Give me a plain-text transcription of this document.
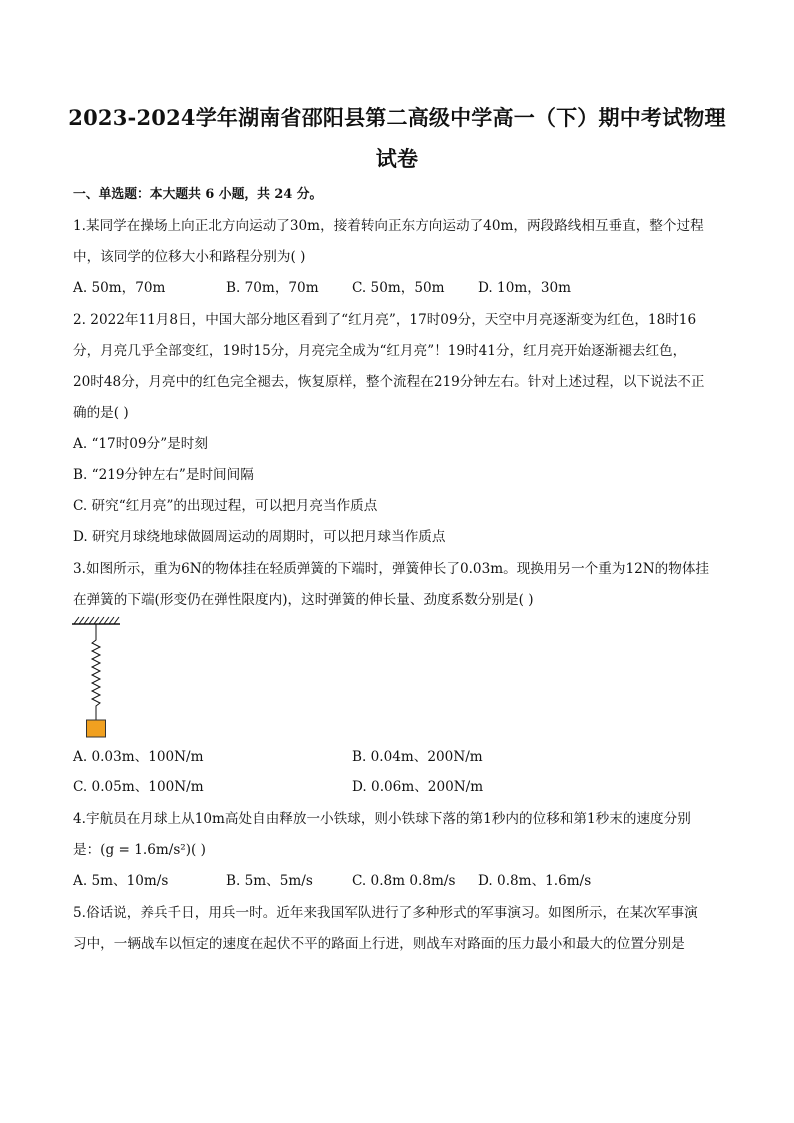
2023-2024学年湖南省邵阳县第二高级中学高一（下）期中考试物理
试卷
一、单选题：本大题共 6 小题，共 24 分。
1.某同学在操场上向正北方向运动了30m，接着转向正东方向运动了40m，两段路线相互垂直，整个过程
中，该同学的位移大小和路程分别为( )
A. 50m，70m	B. 70m，70m C. 50m，50m D. 10m，30m
2. 2022年11月8日，中国大部分地区看到了“红月亮”，17时09分，天空中月亮逐渐变为红色，18时16
分，月亮几乎全部变红，19时15分，月亮完全成为“红月亮”！19时41分，红月亮开始逐渐褪去红色，
20时48分，月亮中的红色完全褪去，恢复原样，整个流程在219分钟左右。针对上述过程，以下说法不正
确的是( )
A. “17时09分”是时刻
B. “219分钟左右”是时间间隔
C. 研究“红月亮”的出现过程，可以把月亮当作质点
D. 研究月球绕地球做圆周运动的周期时，可以把月球当作质点
3.如图所示，重为6N的物体挂在轻质弹簧的下端时，弹簧伸长了0.03m。现换用另一个重为12N的物体挂
在弹簧的下端(形变仍在弹性限度内)，这时弹簧的伸长量、劲度系数分别是( )
A. 0.03m、100N/m	B. 0.04m、200N/m
C. 0.05m、100N/m	D. 0.06m、200N/m
4.宇航员在月球上从10m高处自由释放一小铁球，则小铁球下落的第1秒内的位移和第1秒末的速度分别
是：(g = 1.6m/s²)( )
A. 5m、10m/s	B. 5m、5m/s	C. 0.8m 0.8m/s D. 0.8m、1.6m/s
5.俗话说，养兵千日，用兵一时。近年来我国军队进行了多种形式的军事演习。如图所示，在某次军事演
习中，一辆战车以恒定的速度在起伏不平的路面上行进，则战车对路面的压力最小和最大的位置分别是
